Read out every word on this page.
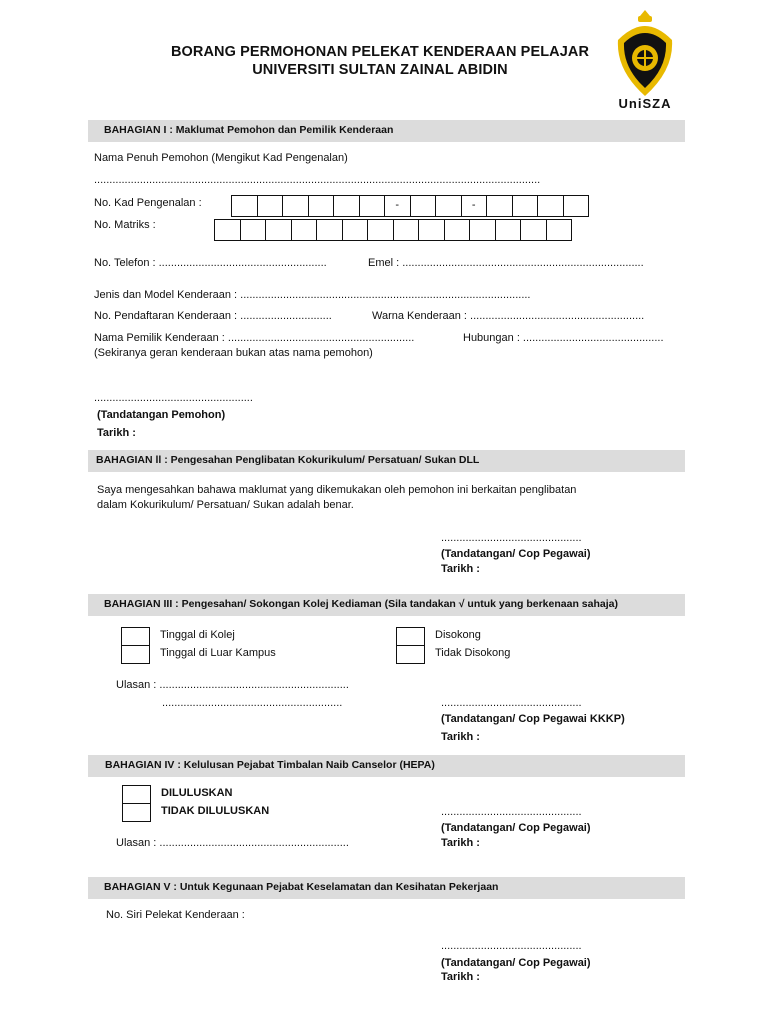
BORANG PERMOHONAN PELEKAT KENDERAAN PELAJAR
UNIVERSITI SULTAN ZAINAL ABIDIN
UniSZA
BAHAGIAN I : Maklumat Pemohon dan Pemilik Kenderaan
Nama Penuh Pemohon (Mengikut Kad Pengenalan)
..................................................................................................................................................
No. Kad Pengenalan :	-	-
No. Matriks :
No. Telefon : .......................................................	Emel : ...............................................................................
Jenis dan Model Kenderaan : ...............................................................................................
No. Pendaftaran Kenderaan : ..............................	Warna Kenderaan : .........................................................
Nama Pemilik Kenderaan : .............................................................	Hubungan : ..............................................
(Sekiranya geran kenderaan bukan atas nama pemohon)
....................................................
(Tandatangan Pemohon)
Tarikh :
BAHAGIAN ll : Pengesahan Penglibatan Kokurikulum/ Persatuan/ Sukan DLL
Saya mengesahkan bahawa maklumat yang dikemukakan oleh pemohon ini berkaitan penglibatan
dalam Kokurikulum/ Persatuan/ Sukan adalah benar.
..............................................
(Tandatangan/ Cop Pegawai)
Tarikh :
BAHAGIAN III : Pengesahan/ Sokongan Kolej Kediaman (Sila tandakan √ untuk yang berkenaan sahaja)
Tinggal di Kolej
Tinggal di Luar Kampus
Disokong
Tidak Disokong
Ulasan : ..............................................................
...........................................................	..............................................
(Tandatangan/ Cop Pegawai KKKP)
Tarikh :
BAHAGIAN IV : Kelulusan Pejabat Timbalan Naib Canselor (HEPA)
DILULUSKAN
TIDAK DILULUSKAN	..............................................
(Tandatangan/ Cop Pegawai)
Ulasan : ..............................................................	Tarikh :
BAHAGIAN V : Untuk Kegunaan Pejabat Keselamatan dan Kesihatan Pekerjaan
No. Siri Pelekat Kenderaan :
..............................................
(Tandatangan/ Cop Pegawai)
Tarikh :
